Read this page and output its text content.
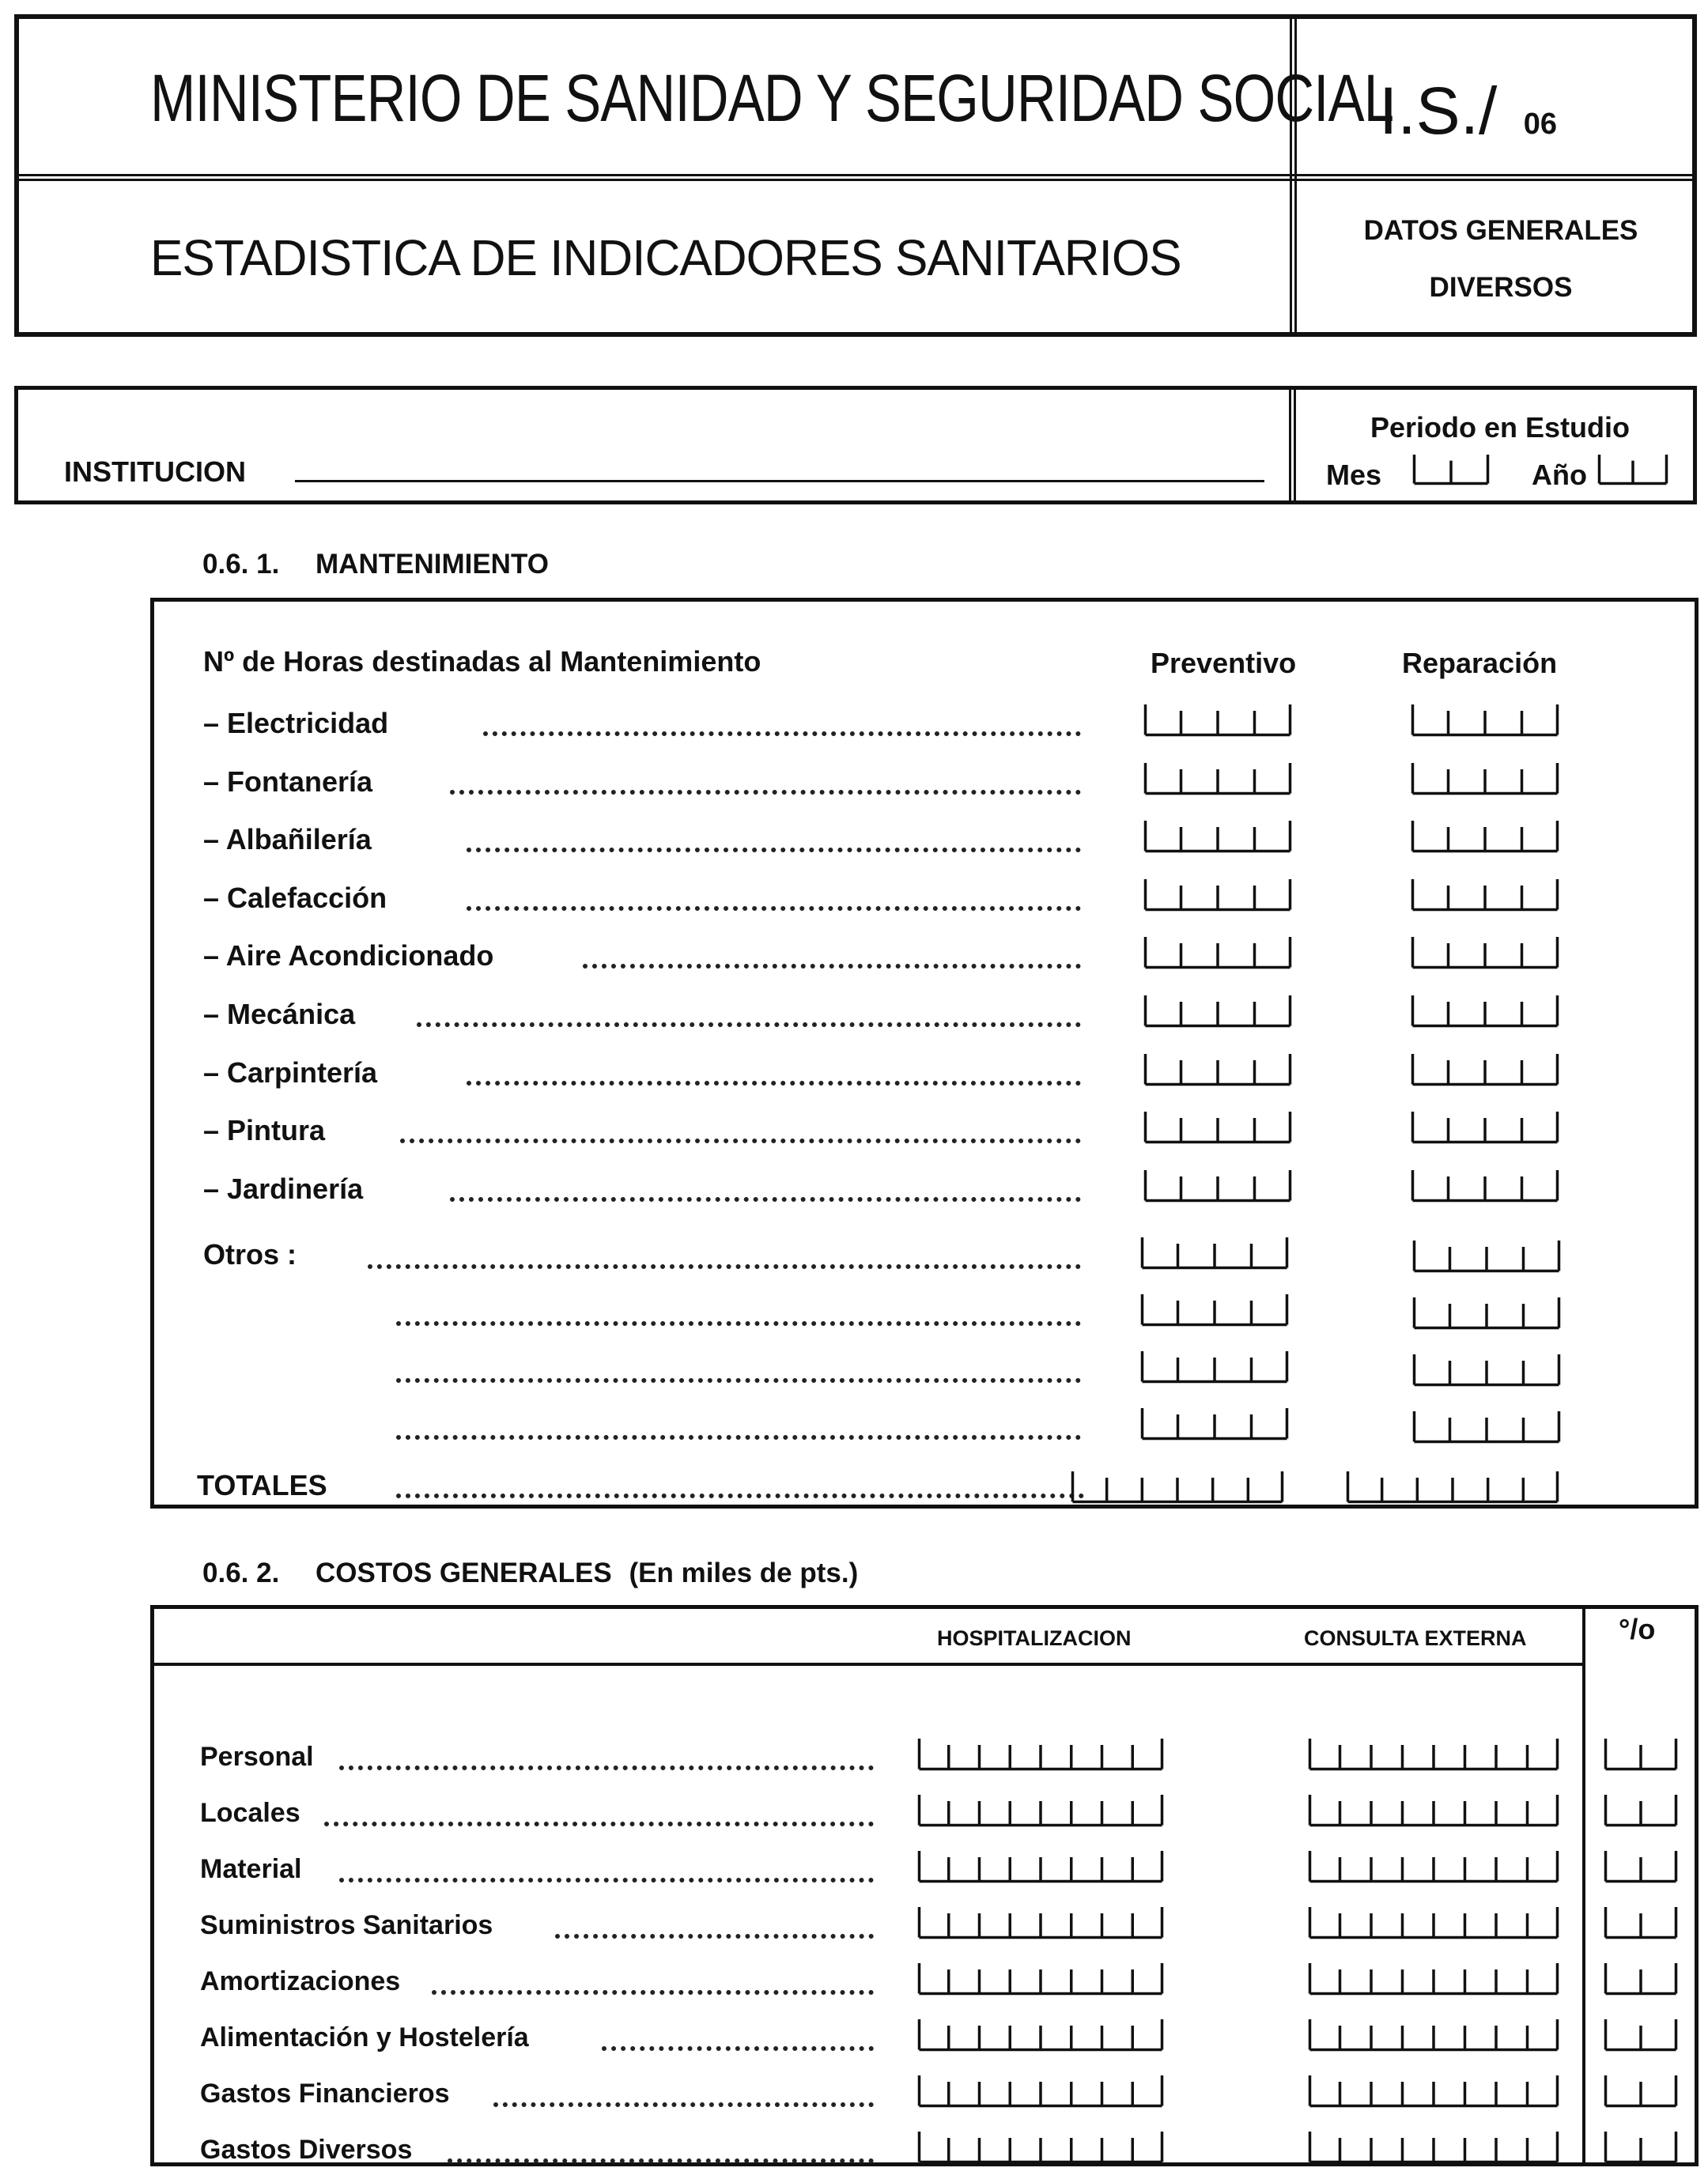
MINISTERIO DE SANIDAD Y SEGURIDAD SOCIAL
I.S./ 06
ESTADISTICA DE INDICADORES SANITARIOS	DATOS GENERALES
DIVERSOS
INSTITUCION
Periodo en Estudio
Mes	Año
0.6. 1. MANTENIMIENTO
Nº de Horas destinadas al Mantenimiento	Preventivo	Reparación
– Electricidad
– Fontanería
– Albañilería
– Calefacción
– Aire Acondicionado
– Mecánica
– Carpintería
– Pintura
– Jardinería
Otros :
TOTALES
0.6. 2. COSTOS GENERALES (En miles de pts.)
HOSPITALIZACION	CONSULTA EXTERNA	°/o
Personal
Locales
Material
Suministros Sanitarios
Amortizaciones
Alimentación y Hostelería
Gastos Financieros
Gastos Diversos
